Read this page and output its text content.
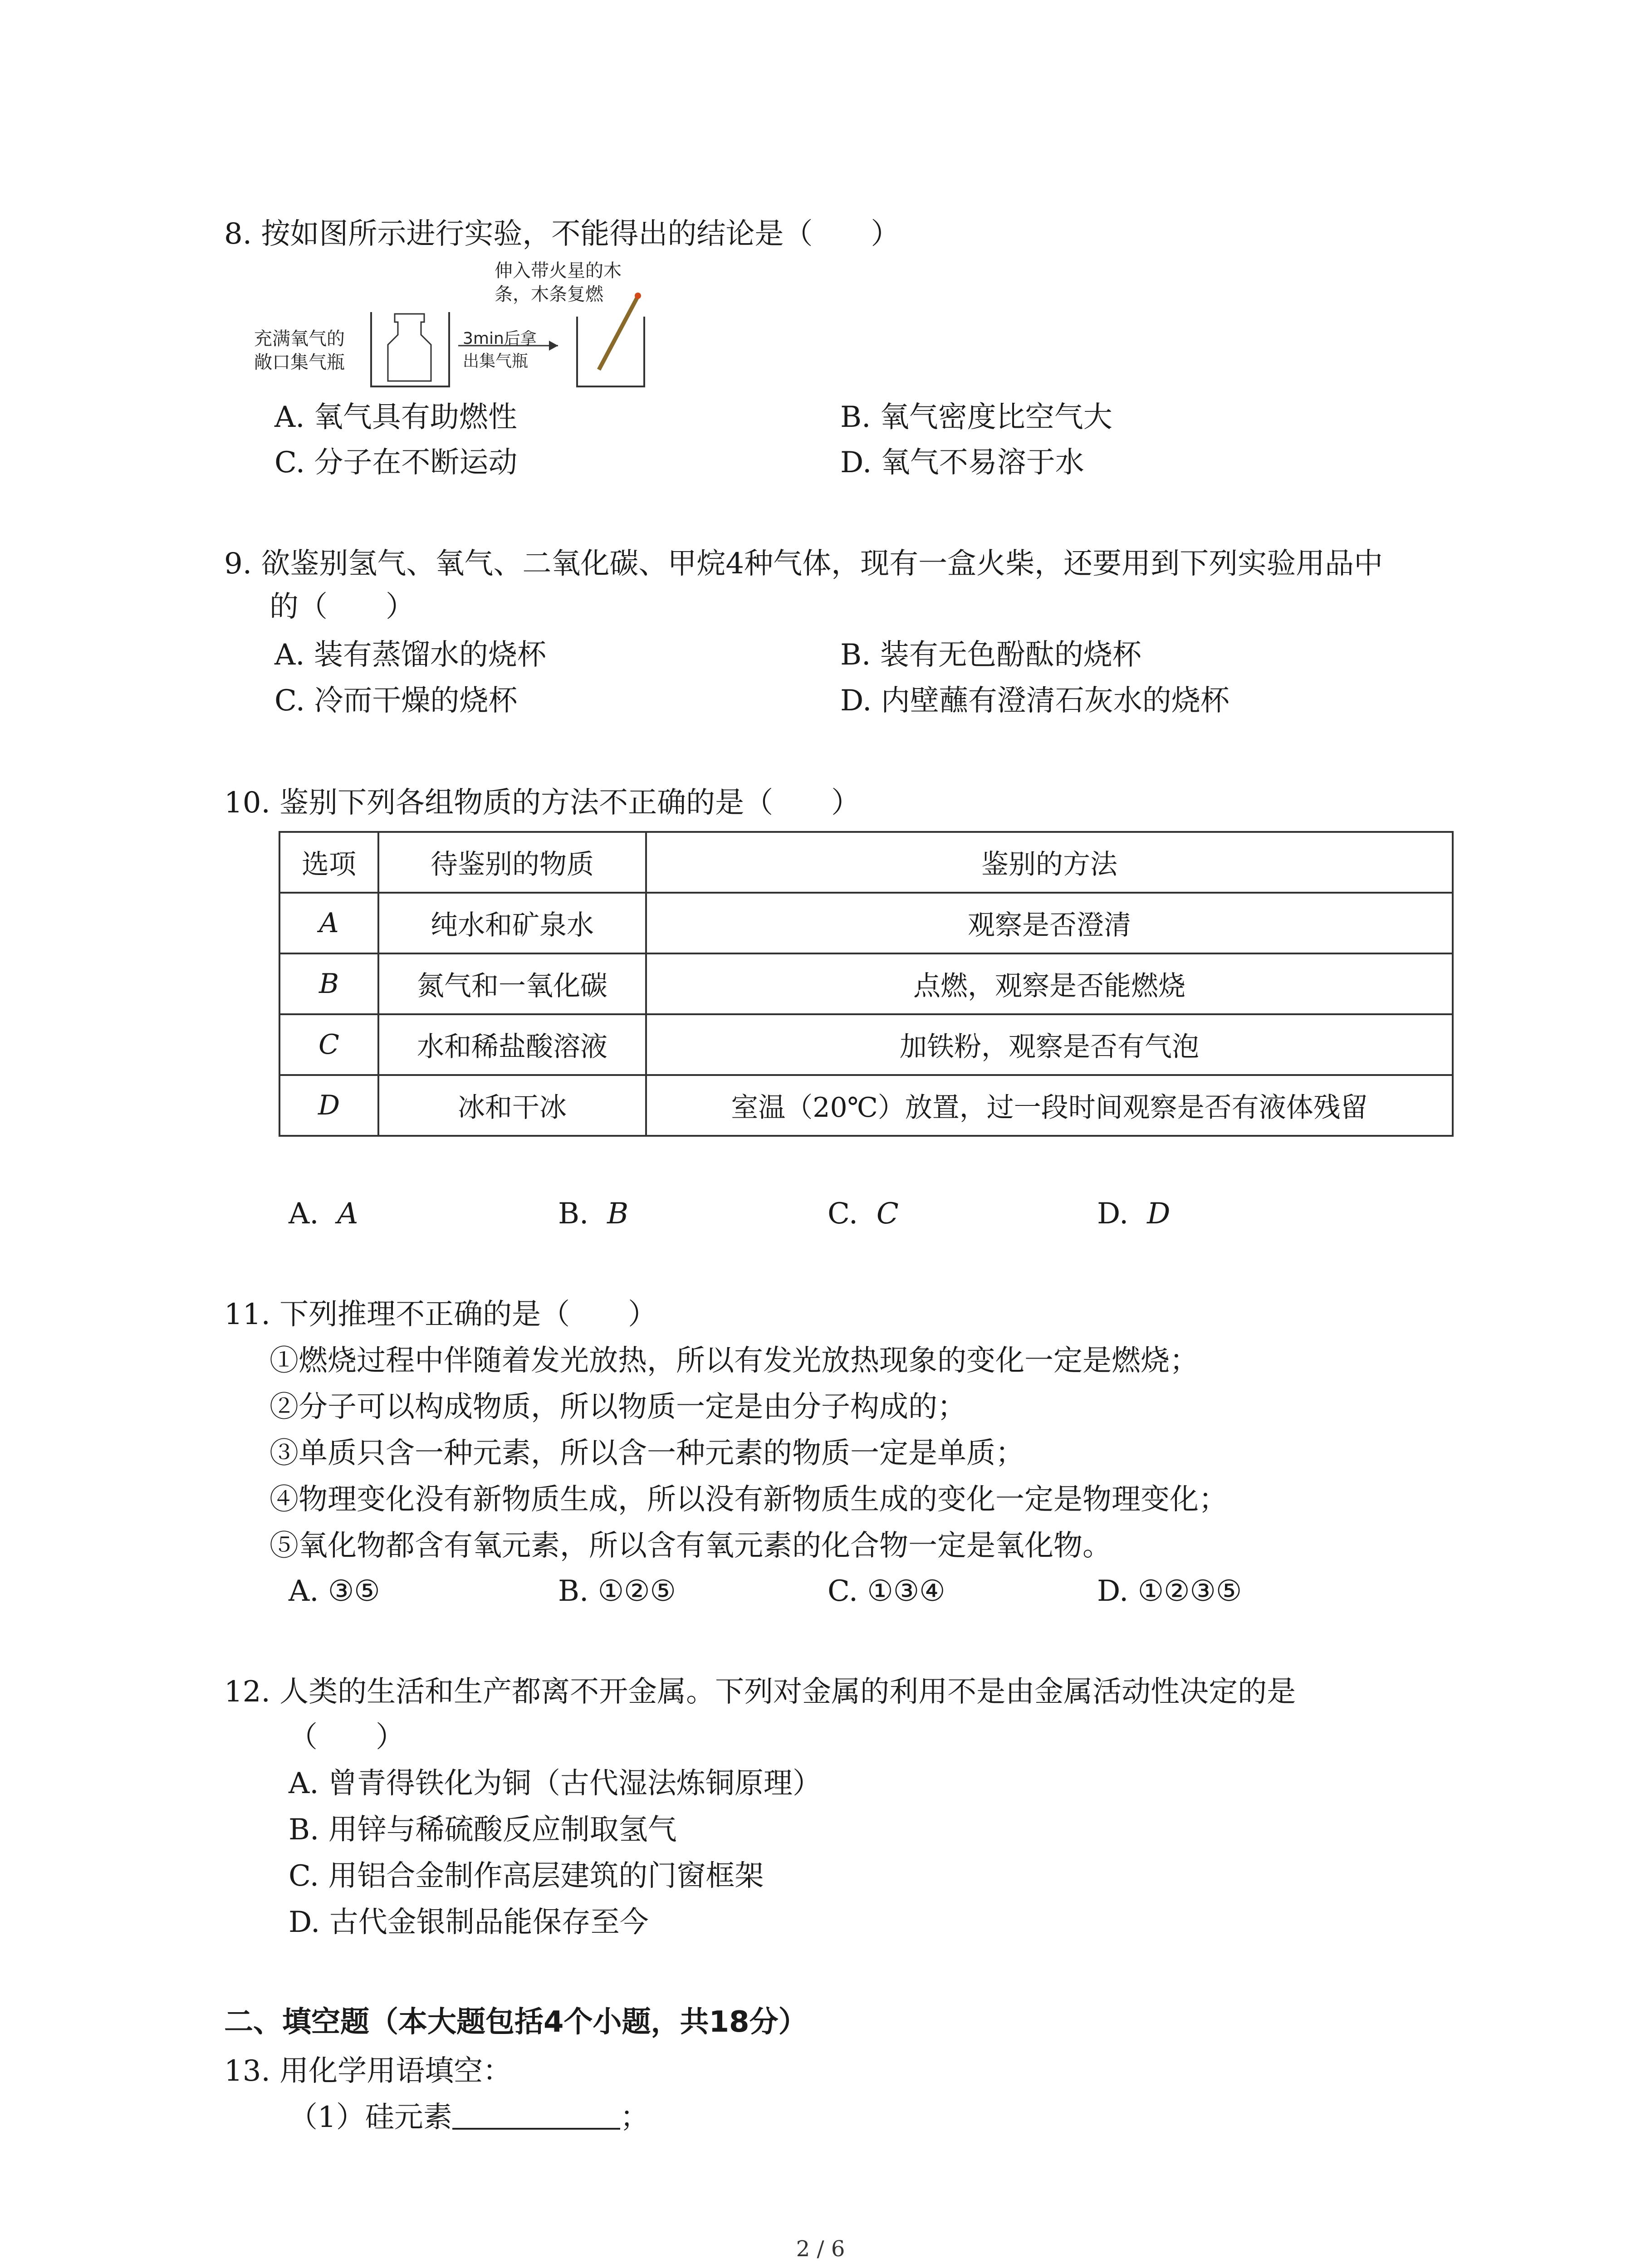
8. 按如图所示进行实验，不能得出的结论是（　　）
伸入带火星的木
条，木条复燃
充满氧气的
敞口集气瓶
3min后拿
出集气瓶
A. 氧气具有助燃性	B. 氧气密度比空气大
C. 分子在不断运动	D. 氧气不易溶于水
9. 欲鉴别氢气、氧气、二氧化碳、甲烷4种气体，现有一盒火柴，还要用到下列实验用品中
的（　　）
A. 装有蒸馏水的烧杯	B. 装有无色酚酞的烧杯
C. 冷而干燥的烧杯	D. 内壁蘸有澄清石灰水的烧杯
10. 鉴别下列各组物质的方法不正确的是（　　）
选项	待鉴别的物质	鉴别的方法
A	纯水和矿泉水	观察是否澄清
B	氮气和一氧化碳	点燃，观察是否能燃烧
C	水和稀盐酸溶液	加铁粉，观察是否有气泡
D	冰和干冰	室温（20℃）放置，过一段时间观察是否有液体残留
A. A	B. B	C. C	D. D
11. 下列推理不正确的是（　　）
①燃烧过程中伴随着发光放热，所以有发光放热现象的变化一定是燃烧；
②分子可以构成物质，所以物质一定是由分子构成的；
③单质只含一种元素，所以含一种元素的物质一定是单质；
④物理变化没有新物质生成，所以没有新物质生成的变化一定是物理变化；
⑤氧化物都含有氧元素，所以含有氧元素的化合物一定是氧化物。
A. ③⑤	B. ①②⑤	C. ①③④	D. ①②③⑤
12. 人类的生活和生产都离不开金属。下列对金属的利用不是由金属活动性决定的是
（　　）
A. 曾青得铁化为铜（古代湿法炼铜原理）
B. 用锌与稀硫酸反应制取氢气
C. 用铝合金制作高层建筑的门窗框架
D. 古代金银制品能保存至今
二、填空题（本大题包括4个小题，共18分）
13. 用化学用语填空：
（1）硅元素	；
2 / 6
